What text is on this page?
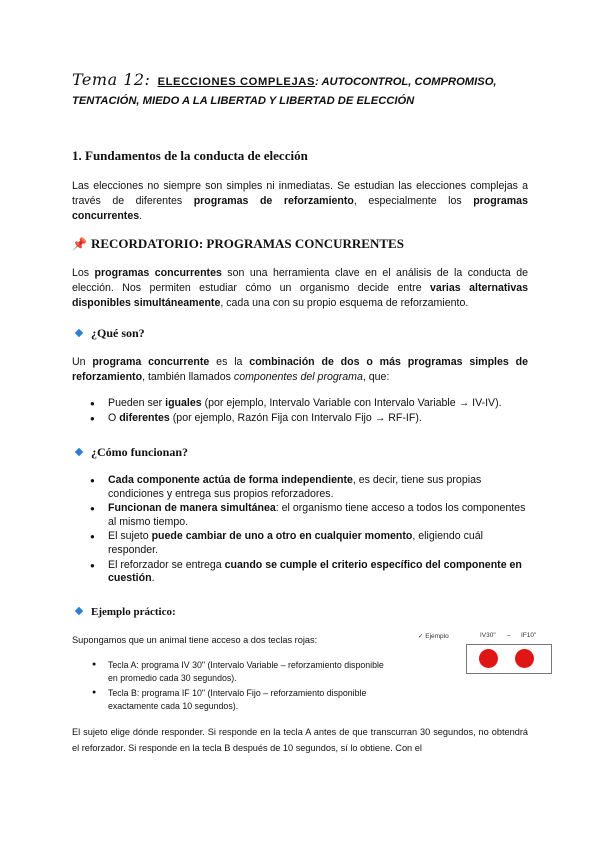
Tema 12: ELECCIONES COMPLEJAS: AUTOCONTROL, COMPROMISO,
TENTACIÓN, MIEDO A LA LIBERTAD Y LIBERTAD DE ELECCIÓN
1. Fundamentos de la conducta de elección
Las elecciones no siempre son simples ni inmediatas. Se estudian las elecciones complejas a través de diferentes programas de reforzamiento, especialmente los programas concurrentes.
📌 RECORDATORIO: PROGRAMAS CONCURRENTES
Los programas concurrentes son una herramienta clave en el análisis de la conducta de elección. Nos permiten estudiar cómo un organismo decide entre varias alternativas disponibles simultáneamente, cada una con su propio esquema de reforzamiento.
¿Qué son?
Un programa concurrente es la combinación de dos o más programas simples de reforzamiento, también llamados componentes del programa, que:
● Pueden ser iguales (por ejemplo, Intervalo Variable con Intervalo Variable → IV-IV).
● O diferentes (por ejemplo, Razón Fija con Intervalo Fijo → RF-IF).
¿Cómo funcionan?
● Cada componente actúa de forma independiente, es decir, tiene sus propias condiciones y entrega sus propios reforzadores.
● Funcionan de manera simultánea: el organismo tiene acceso a todos los componentes al mismo tiempo.
● El sujeto puede cambiar de uno a otro en cualquier momento, eligiendo cuál responder.
● El reforzador se entrega cuando se cumple el criterio específico del componente en cuestión.
Ejemplo práctico:
Supongamos que un animal tiene acceso a dos teclas rojas:	✓ Ejemplo	IV30" – IF10"
● Tecla A: programa IV 30" (Intervalo Variable – reforzamiento disponible en promedio cada 30 segundos).
● Tecla B: programa IF 10" (Intervalo Fijo – reforzamiento disponible exactamente cada 10 segundos).
El sujeto elige dónde responder. Si responde en la tecla A antes de que transcurran 30 segundos, no obtendrá el reforzador. Si responde en la tecla B después de 10 segundos, sí lo obtiene. Con el
